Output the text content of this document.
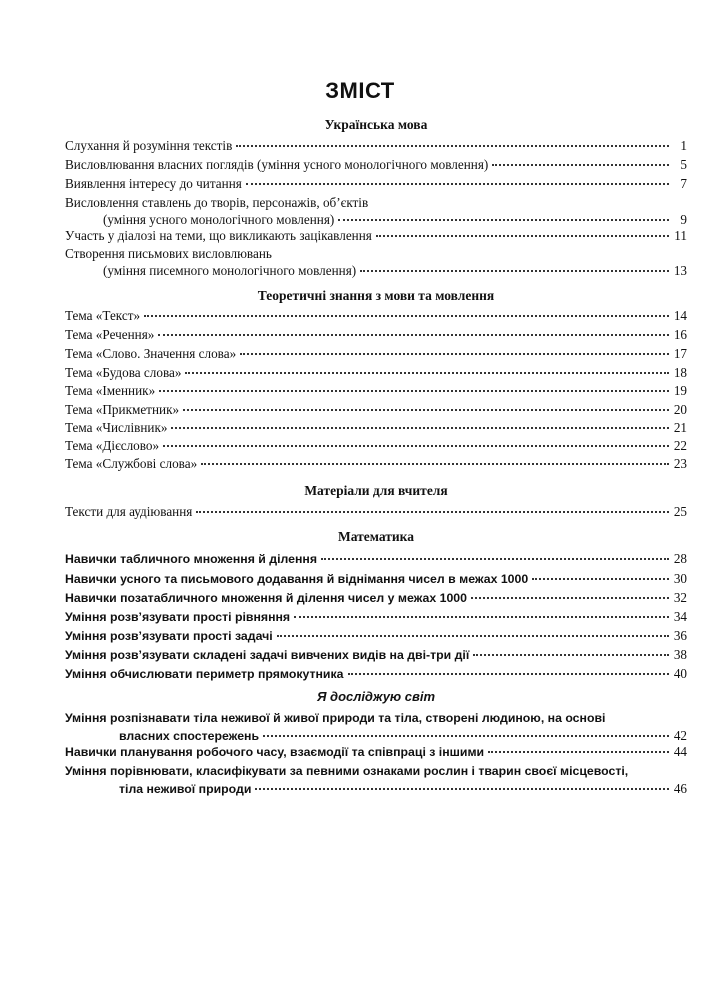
ЗМІСТ
Українська мова
Слухання й розуміння текстів	1
Висловлювання власних поглядів (уміння усного монологічного мовлення)	5
Виявлення інтересу до читання	7
Висловлення ставлень до творів, персонажів, об’єктів
(уміння усного монологічного мовлення)	9
Участь у діалозі на теми, що викликають зацікавлення	11
Створення письмових висловлювань
(уміння писемного монологічного мовлення)	13
Теоретичні знання з мови та мовлення
Тема «Текст»	14
Тема «Речення»	16
Тема «Слово. Значення слова»	17
Тема «Будова слова»	18
Тема «Іменник»	19
Тема «Прикметник»	20
Тема «Числівник»	21
Тема «Дієслово»	22
Тема «Службові слова»	23
Матеріали для вчителя
Тексти для аудіювання	25
Математика
Навички табличного множення й ділення	28
Навички усного та письмового додавання й віднімання чисел в межах 1000	30
Навички позатабличного множення й ділення чисел у межах 1000	32
Уміння розв’язувати прості рівняння	34
Уміння розв’язувати прості задачі	36
Уміння розв’язувати складені задачі вивчених видів на дві-три дії	38
Уміння обчислювати периметр прямокутника	40
Я досліджую світ
Уміння розпізнавати тіла неживої й живої природи та тіла, створені людиною, на основі
власних спостережень	42
Навички планування робочого часу, взаємодії та співпраці з іншими	44
Уміння порівнювати, класифікувати за певними ознаками рослин і тварин своєї місцевості,
тіла неживої природи	46
